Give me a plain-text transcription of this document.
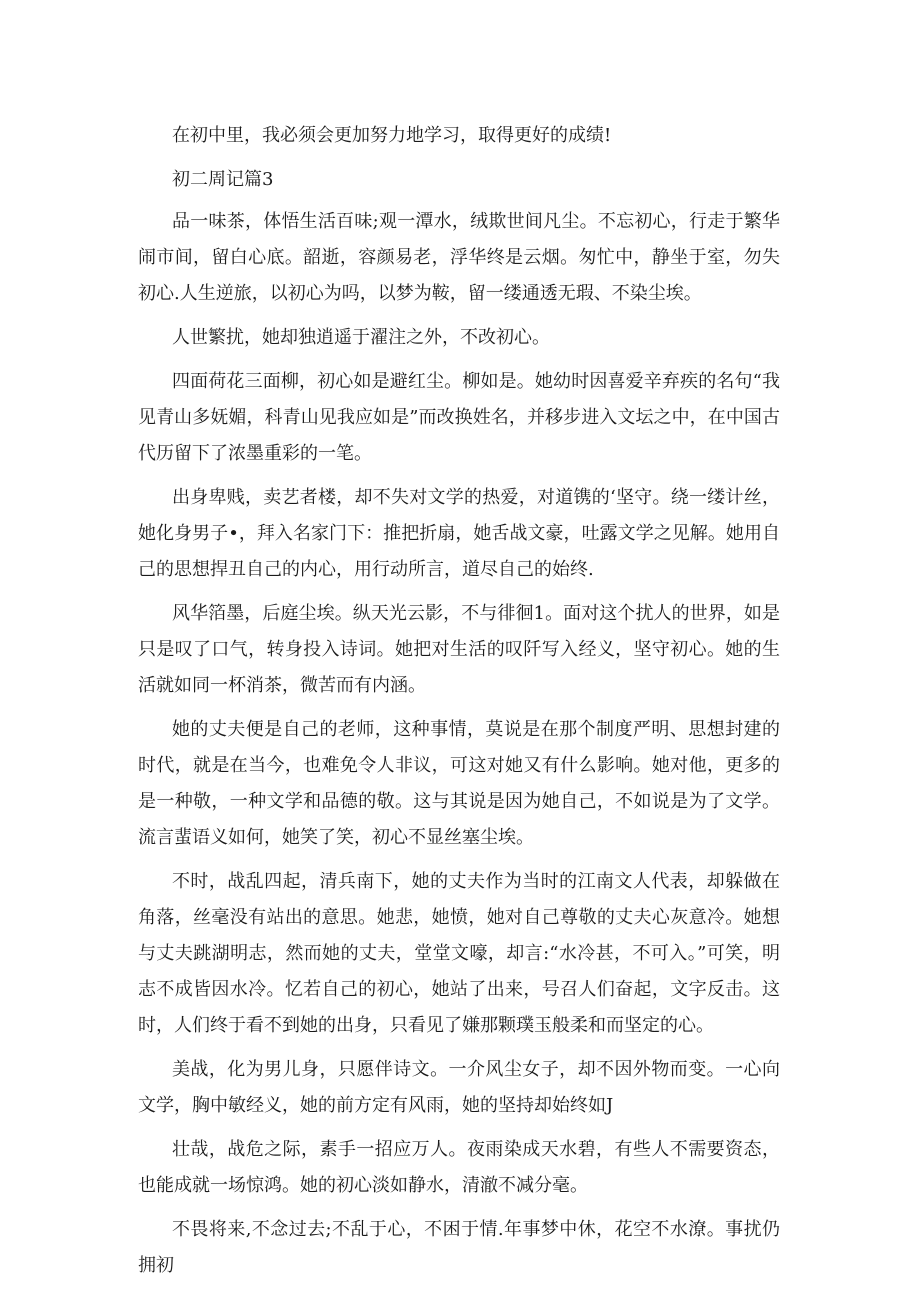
在初中里，我必须会更加努力地学习，取得更好的成绩!

初二周记篇3

品一味茶，体悟生活百味;观一潭水，绒欺世间凡尘。不忘初心，行走于繁华闹市间，留白心底。韶逝，容颜易老，浮华终是云烟。匆忙中，静坐于室，勿失初心.人生逆旅，以初心为吗，以梦为鞍，留一缕通透无瑕、不染尘埃。

人世繁扰，她却独逍遥于濯注之外，不改初心。

四面荷花三面柳，初心如是避红尘。柳如是。她幼时因喜爱辛弃疾的名句“我见青山多妩媚，科青山见我应如是”而改换姓名，并移步进入文坛之中，在中国古代历留下了浓墨重彩的一笔。

出身卑贱，卖艺者楼，却不失对文学的热爱，对道镌的‘坚守。绕一缕计丝，她化身男子•，拜入名家门下：推把折扇，她舌战文豪，吐露文学之见解。她用自己的思想捍丑自己的内心，用行动所言，道尽自己的始终.

风华箔墨，后庭尘埃。纵天光云影，不与徘徊1。面对这个扰人的世界，如是只是叹了口气，转身投入诗词。她把对生活的叹阡写入经义，坚守初心。她的生活就如同一杯消茶，微苦而有内涵。

她的丈夫便是自己的老师，这种事情，莫说是在那个制度严明、思想封建的时代，就是在当今，也难免令人非议，可这对她又有什么影响。她对他，更多的是一种敬，一种文学和品德的敬。这与其说是因为她自己，不如说是为了文学。流言蜚语义如何，她笑了笑，初心不显丝塞尘埃。

不时，战乱四起，清兵南下，她的丈夫作为当时的江南文人代表，却躲做在角落，丝毫没有站出的意思。她悲，她愤，她对自己尊敬的丈夫心灰意冷。她想与丈夫跳湖明志，然而她的丈夫，堂堂文嚎，却言:“水冷甚，不可入。”可笑，明志不成皆因水冷。忆若自己的初心，她站了出来，号召人们奋起，文字反击。这时，人们终于看不到她的出身，只看见了嫌那颗璞玉般柔和而坚定的心。

美战，化为男儿身，只愿伴诗文。一介风尘女子，却不因外物而变。一心向文学，胸中敏经义，她的前方定有风雨，她的坚持却始终如J

壮哉，战危之际，素手一招应万人。夜雨染成天水碧，有些人不需要资态，也能成就一场惊鸿。她的初心淡如静水，清澈不减分毫。

不畏将来,不念过去;不乱于心，不困于情.年事梦中休，花空不水潦。事扰仍拥初
